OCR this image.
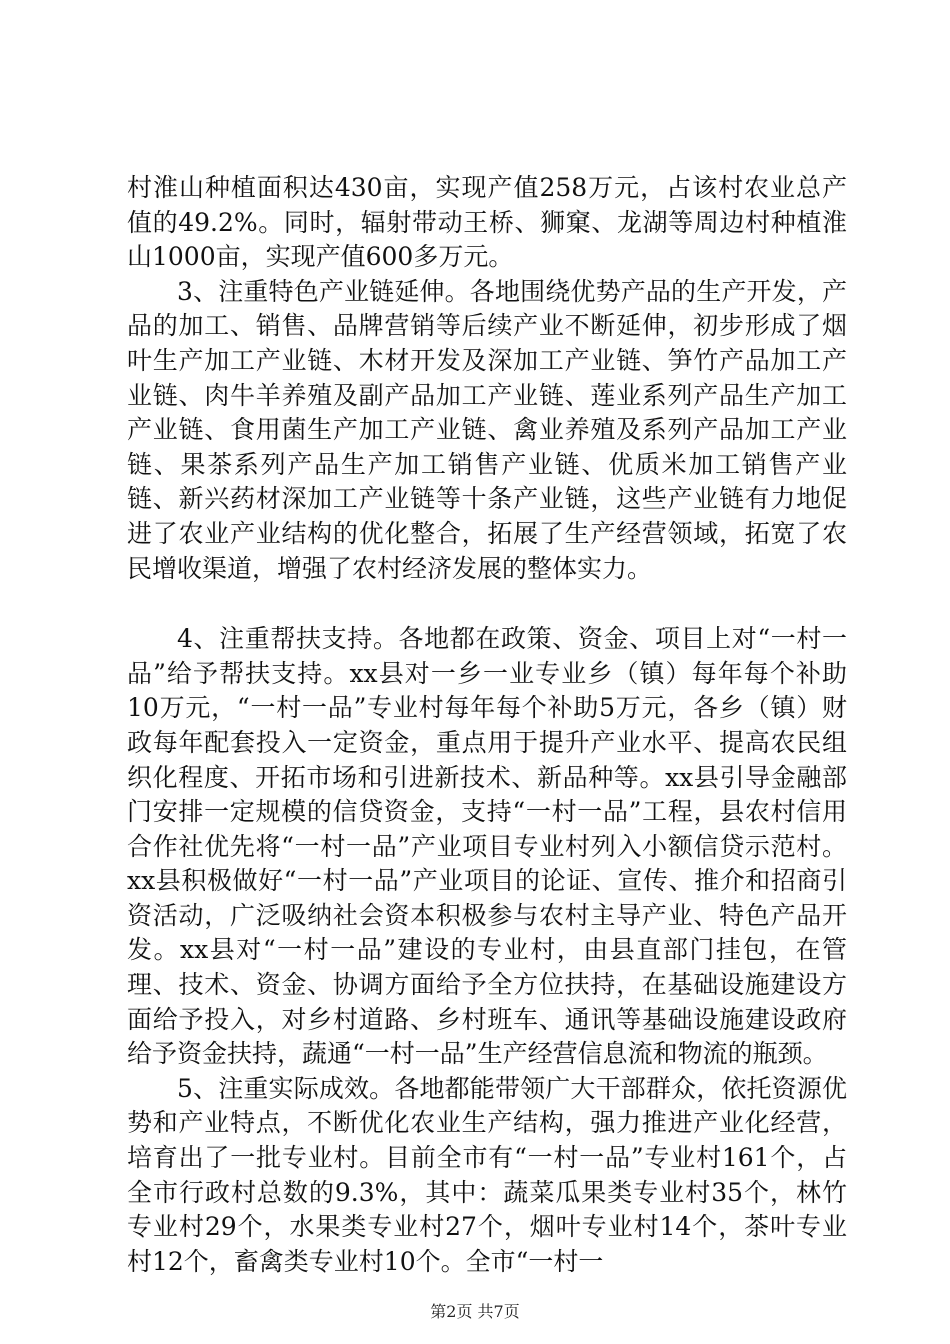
村淮山种植面积达430亩，实现产值258万元，占该村农业总产值的49.2%。同时，辐射带动王桥、狮窠、龙湖等周边村种植淮山1000亩，实现产值600多万元。

3、注重特色产业链延伸。各地围绕优势产品的生产开发，产品的加工、销售、品牌营销等后续产业不断延伸，初步形成了烟叶生产加工产业链、木材开发及深加工产业链、笋竹产品加工产业链、肉牛羊养殖及副产品加工产业链、莲业系列产品生产加工产业链、食用菌生产加工产业链、禽业养殖及系列产品加工产业链、果茶系列产品生产加工销售产业链、优质米加工销售产业链、新兴药材深加工产业链等十条产业链，这些产业链有力地促进了农业产业结构的优化整合，拓展了生产经营领域，拓宽了农民增收渠道，增强了农村经济发展的整体实力。

4、注重帮扶支持。各地都在政策、资金、项目上对“一村一品”给予帮扶支持。xx县对一乡一业专业乡（镇）每年每个补助10万元，“一村一品”专业村每年每个补助5万元，各乡（镇）财政每年配套投入一定资金，重点用于提升产业水平、提高农民组织化程度、开拓市场和引进新技术、新品种等。xx县引导金融部门安排一定规模的信贷资金，支持“一村一品”工程，县农村信用合作社优先将“一村一品”产业项目专业村列入小额信贷示范村。xx县积极做好“一村一品”产业项目的论证、宣传、推介和招商引资活动，广泛吸纳社会资本积极参与农村主导产业、特色产品开发。xx县对“一村一品”建设的专业村，由县直部门挂包，在管理、技术、资金、协调方面给予全方位扶持，在基础设施建设方面给予投入，对乡村道路、乡村班车、通讯等基础设施建设政府给予资金扶持，蔬通“一村一品”生产经营信息流和物流的瓶颈。

5、注重实际成效。各地都能带领广大干部群众，依托资源优势和产业特点，不断优化农业生产结构，强力推进产业化经营，培育出了一批专业村。目前全市有“一村一品”专业村161个，占全市行政村总数的9.3%，其中：蔬菜瓜果类专业村35个，林竹专业村29个，水果类专业村27个，烟叶专业村14个，茶叶专业村12个，畜禽类专业村10个。全市“一村一

第2页 共7页
